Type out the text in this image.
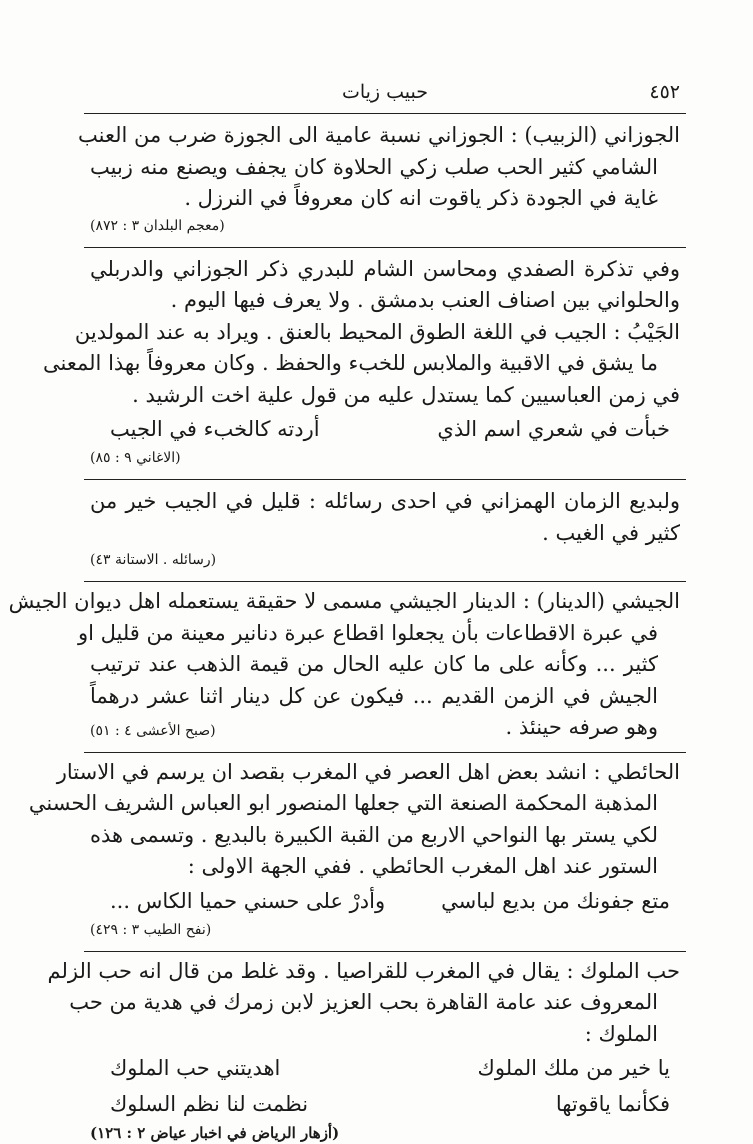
٤٥٢
حبيب زيات
الجوزاني (الزبيب) : الجوزاني نسبة عامية الى الجوزة ضرب من العنب
الشامي كثير الحب صلب زكي الحلاوة كان يجفف ويصنع منه زبيب
غاية في الجودة ذكر ياقوت انه كان معروفاً في النرزل .
(معجم البلدان ٣ : ٨٧٢)
وفي تذكرة الصفدي ومحاسن الشام للبدري ذكر الجوزاني والدربلي
والحلواني بين اصناف العنب بدمشق . ولا يعرف فيها اليوم .
الجَيْبُ : الجيب في اللغة الطوق المحيط بالعنق . ويراد به عند المولدين
ما يشق في الاقبية والملابس للخبء والحفظ . وكان معروفاً بهذا المعنى
في زمن العباسيين كما يستدل عليه من قول علية اخت الرشيد .
خبأت في شعري اسم الذي
أردته كالخبء في الجيب
(الاغاني ٩ : ٨٥)
ولبديع الزمان الهمزاني في احدى رسائله : قليل في الجيب خير من
كثير في الغيب .
(رسائله . الاستانة ٤٣)
الجيشي (الدينار) : الدينار الجيشي مسمى لا حقيقة يستعمله اهل ديوان الجيش
في عبرة الاقطاعات بأن يجعلوا اقطاع عبرة دنانير معينة من قليل او
كثير ... وكأنه على ما كان عليه الحال من قيمة الذهب عند ترتيب
الجيش في الزمن القديم ... فيكون عن كل دينار اثنا عشر درهماً
وهو صرفه حينئذ .
(صبح الأعشى ٤ : ٥١)
الحائطي : انشد بعض اهل العصر في المغرب بقصد ان يرسم في الاستار
المذهبة المحكمة الصنعة التي جعلها المنصور ابو العباس الشريف الحسني
لكي يستر بها النواحي الاربع من القبة الكبيرة بالبديع . وتسمى هذه
الستور عند اهل المغرب الحائطي . ففي الجهة الاولى :
متع جفونك من بديع لباسي
وأدرْ على حسني حميا الكاس ...
(نفح الطيب ٣ : ٤٢٩)
حب الملوك : يقال في المغرب للقراصيا . وقد غلط من قال انه حب الزلم
المعروف عند عامة القاهرة بحب العزيز لابن زمرك في هدية من حب
الملوك :
يا خير من ملك الملوك
اهديتني حب الملوك
فكأنما ياقوتها
نظمت لنا نظم السلوك
(أزهار الرياض في اخبار عياض ٢ : ١٢٦)
